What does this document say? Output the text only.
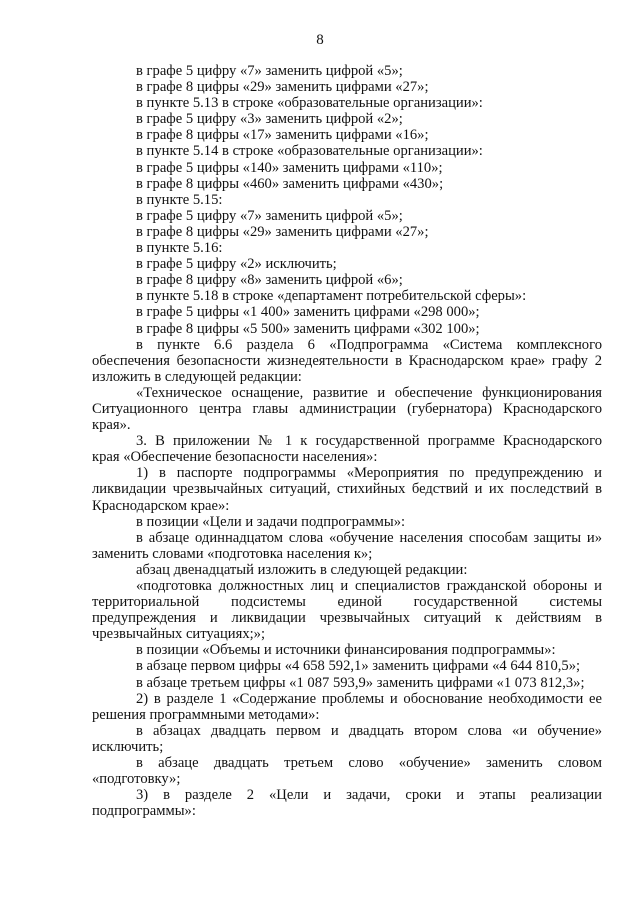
8
в графе 5 цифру «7» заменить цифрой «5»;
в графе 8 цифры «29» заменить цифрами «27»;
в пункте 5.13 в строке «образовательные организации»:
в графе 5 цифру «3» заменить цифрой «2»;
в графе 8 цифры «17» заменить цифрами «16»;
в пункте 5.14 в строке «образовательные организации»:
в графе 5 цифры «140» заменить цифрами «110»;
в графе 8 цифры «460» заменить цифрами «430»;
в пункте 5.15:
в графе 5 цифру «7» заменить цифрой «5»;
в графе 8 цифры «29» заменить цифрами «27»;
в пункте 5.16:
в графе 5 цифру «2» исключить;
в графе 8 цифру «8» заменить цифрой «6»;
в пункте 5.18 в строке «департамент потребительской сферы»:
в графе 5 цифры «1 400» заменить цифрами «298 000»;
в графе 8 цифры «5 500» заменить цифрами «302 100»;
в пункте 6.6 раздела 6 «Подпрограмма «Система комплексного
обеспечения безопасности жизнедеятельности в Краснодарском крае» графу 2
изложить в следующей редакции:
«Техническое оснащение, развитие и обеспечение функционирования
Ситуационного центра главы администрации (губернатора) Краснодарского
края».
3. В приложении № 1 к государственной программе Краснодарского
края «Обеспечение безопасности населения»:
1) в паспорте подпрограммы «Мероприятия по предупреждению и
ликвидации чрезвычайных ситуаций, стихийных бедствий и их последствий в
Краснодарском крае»:
в позиции «Цели и задачи подпрограммы»:
в абзаце одиннадцатом слова «обучение населения способам защиты и»
заменить словами «подготовка населения к»;
абзац двенадцатый изложить в следующей редакции:
«подготовка должностных лиц и специалистов гражданской обороны и
территориальной подсистемы единой государственной системы
предупреждения и ликвидации чрезвычайных ситуаций к действиям в
чрезвычайных ситуациях;»;
в позиции «Объемы и источники финансирования подпрограммы»:
в абзаце первом цифры «4 658 592,1» заменить цифрами «4 644 810,5»;
в абзаце третьем цифры «1 087 593,9» заменить цифрами «1 073 812,3»;
2) в разделе 1 «Содержание проблемы и обоснование необходимости ее
решения программными методами»:
в абзацах двадцать первом и двадцать втором слова «и обучение»
исключить;
в абзаце двадцать третьем слово «обучение» заменить словом
«подготовку»;
3) в разделе 2 «Цели и задачи, сроки и этапы реализации
подпрограммы»:
